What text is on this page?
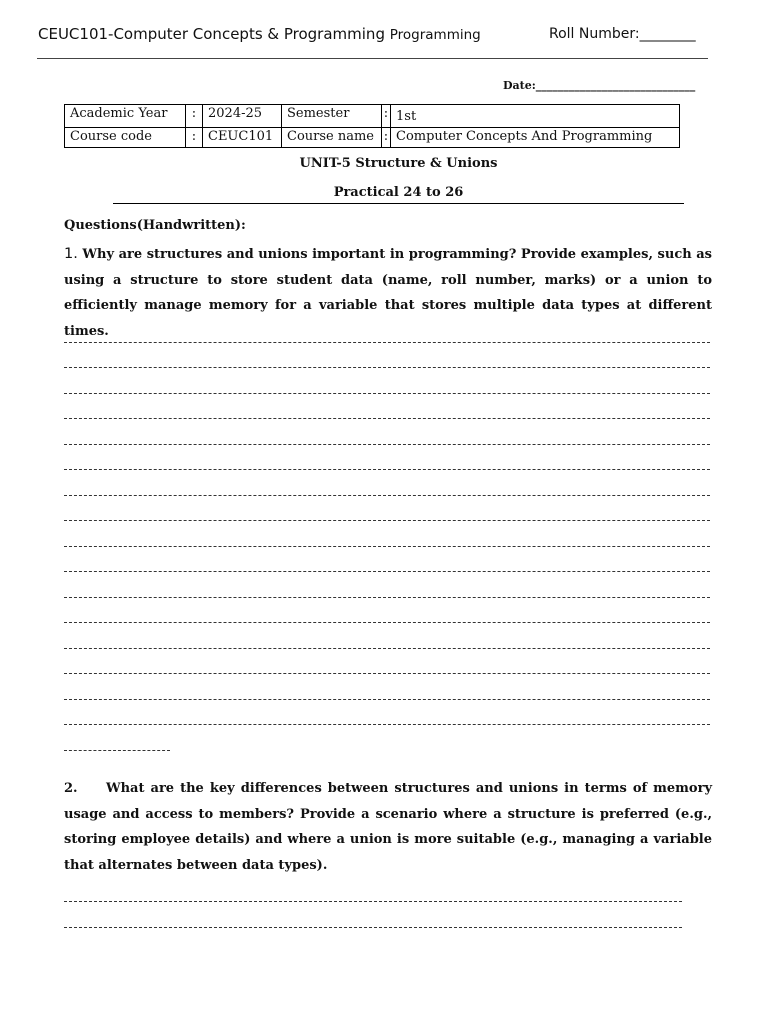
CEUC101-Computer Concepts & Programming Programming	Roll Number:________
Date:_____________________________
Academic Year	:	2024-25	Semester	:	1st
Course code	:	CEUC101	Course name	:	Computer Concepts And Programming
UNIT-5 Structure & Unions
Practical 24 to 26
Questions(Handwritten):
1. Why are structures and unions important in programming? Provide examples, such as using a structure to store student data (name, roll number, marks) or a union to efficiently manage memory for a variable that stores multiple data types at different times.
2. What are the key differences between structures and unions in terms of memory usage and access to members? Provide a scenario where a structure is preferred (e.g., storing employee details) and where a union is more suitable (e.g., managing a variable that alternates between data types).
